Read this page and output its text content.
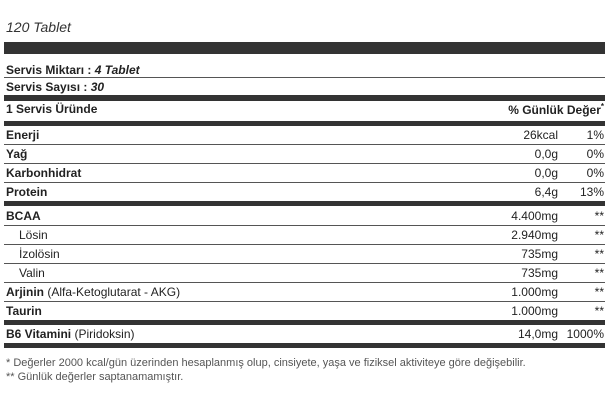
120 Tablet
Servis Miktarı : 4 Tablet
Servis Sayısı : 30
1 Servis Üründe	% Günlük Değer*
Enerji	26kcal	1%
Yağ	0,0g	0%
Karbonhidrat	0,0g	0%
Protein	6,4g	13%
BCAA	4.400mg	**
Lösin	2.940mg	**
İzolösin	735mg	**
Valin	735mg	**
Arjinin (Alfa-Ketoglutarat - AKG)	1.000mg	**
Taurin	1.000mg	**
B6 Vitamini (Piridoksin)	14,0mg 1000%
* Değerler 2000 kcal/gün üzerinden hesaplanmış olup, cinsiyete, yaşa ve fiziksel aktiviteye göre değişebilir.
** Günlük değerler saptanamamıştır.
